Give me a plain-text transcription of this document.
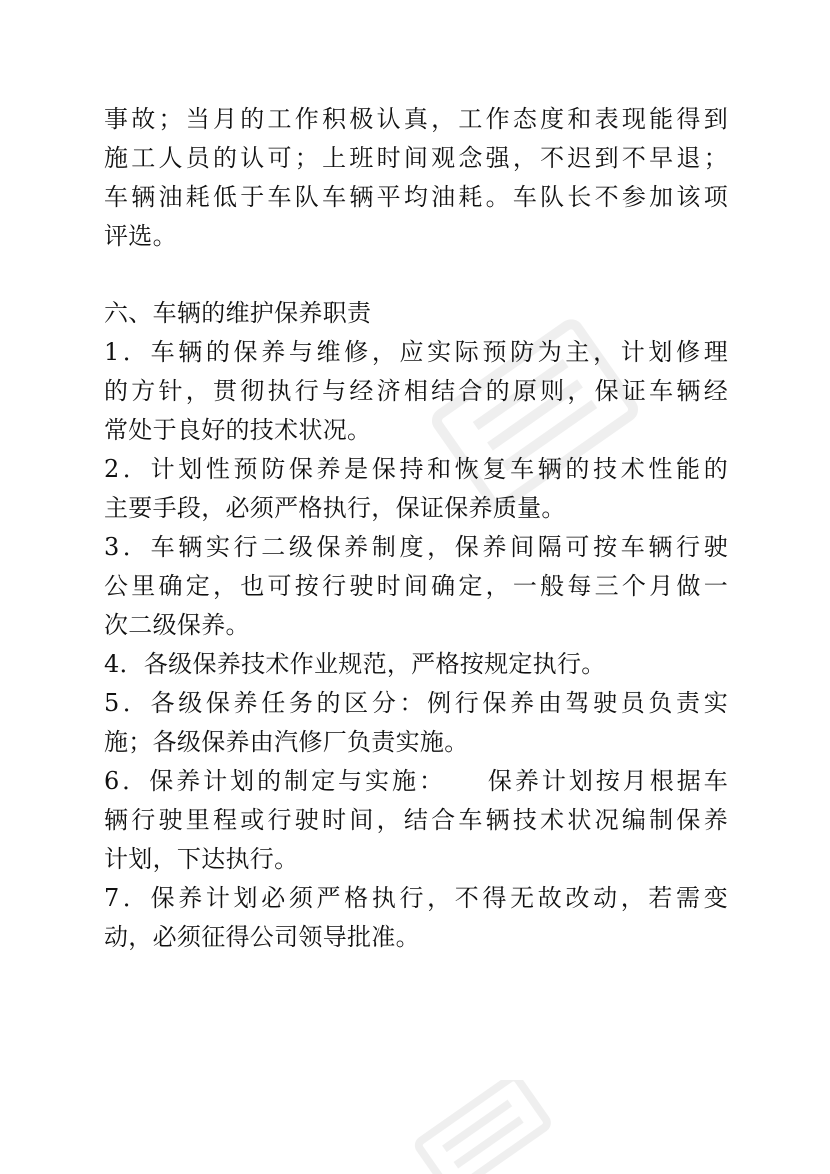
事故；当月的工作积极认真，工作态度和表现能得到
施工人员的认可；上班时间观念强，不迟到不早退；
车辆油耗低于车队车辆平均油耗。车队长不参加该项
评选。
六、车辆的维护保养职责
1．车辆的保养与维修，应实际预防为主，计划修理
的方针，贯彻执行与经济相结合的原则，保证车辆经
常处于良好的技术状况。
2．计划性预防保养是保持和恢复车辆的技术性能的
主要手段，必须严格执行，保证保养质量。
3．车辆实行二级保养制度，保养间隔可按车辆行驶
公里确定，也可按行驶时间确定，一般每三个月做一
次二级保养。
4．各级保养技术作业规范，严格按规定执行。
5．各级保养任务的区分：例行保养由驾驶员负责实
施；各级保养由汽修厂负责实施。
6．保养计划的制定与实施：　　保养计划按月根据车
辆行驶里程或行驶时间，结合车辆技术状况编制保养
计划，下达执行。
7．保养计划必须严格执行，不得无故改动，若需变
动，必须征得公司领导批准。
